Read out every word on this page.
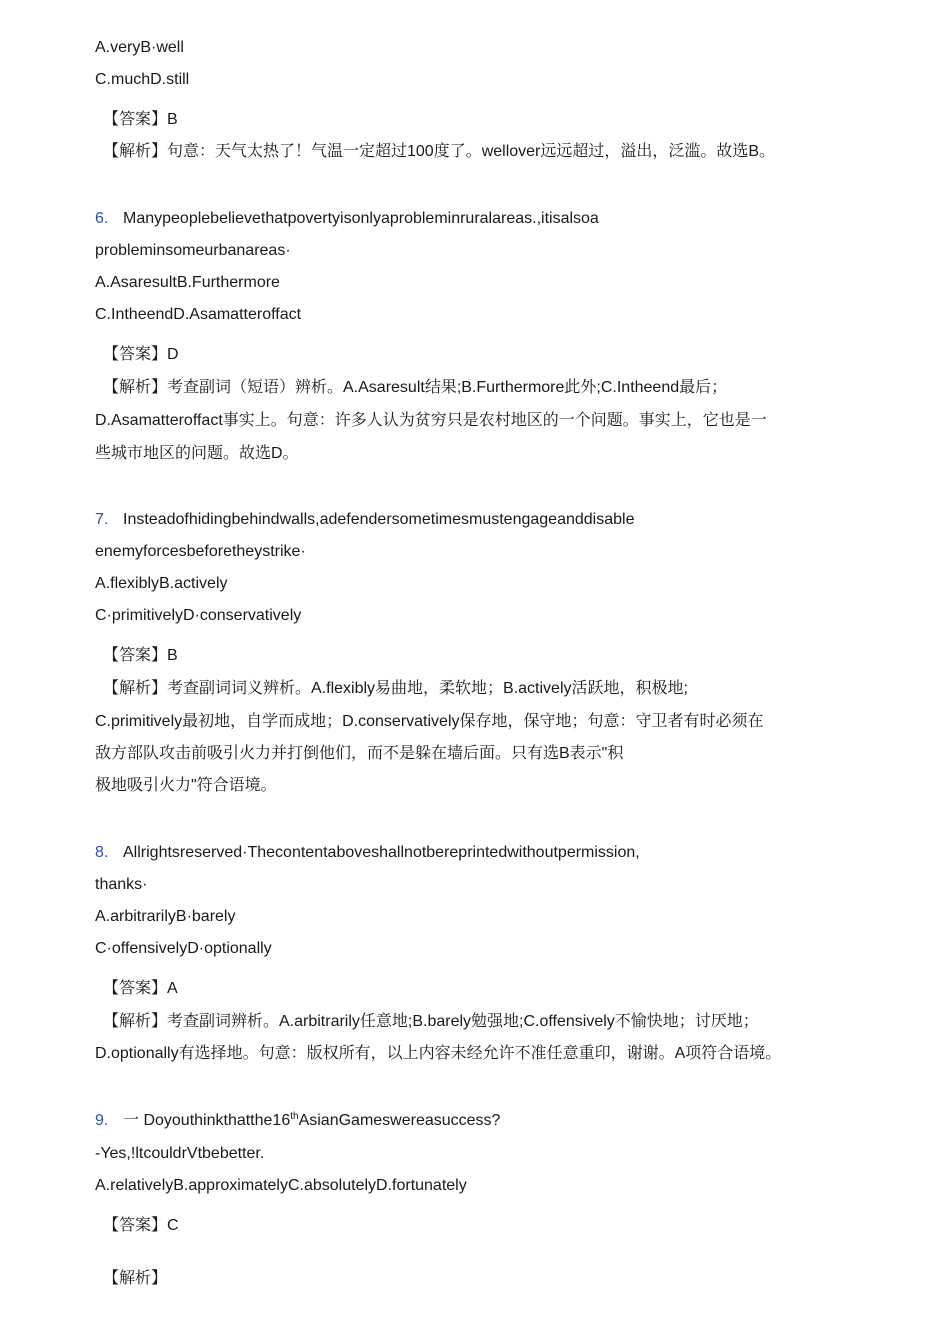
A.veryB·well
C.muchD.still
【答案】B
【解析】句意：天气太热了！气温一定超过100度了。wellover远远超过，溢出，泛滥。故选B。
6. Manypeoplebelievethatpovertyisonlyaprobleminruralareas.,itisalsoa
probleminsomeurbanareas·
A.AsaresultB.Furthermore
C.IntheendD.Asamatteroffact
【答案】D
【解析】考查副词（短语）辨析。A.Asaresult结果;B.Furthermore此外;C.Intheend最后；
D.Asamatteroffact事实上。句意：许多人认为贫穷只是农村地区的一个问题。事实上，它也是一
些城市地区的问题。故选D。
7. Insteadofhidingbehindwalls,adefendersometimesmustengageanddisable
enemyforcesbeforetheystrike·
A.flexiblyB.actively
C·primitivelyD·conservatively
【答案】B
【解析】考查副词词义辨析。A.flexibly易曲地，柔软地；B.actively活跃地，积极地;
C.primitively最初地，自学而成地；D.conservatively保存地，保守地；句意：守卫者有时必须在
敌方部队攻击前吸引火力并打倒他们，而不是躲在墙后面。只有选B表示"积
极地吸引火力"符合语境。
8. Allrightsreserved·Thecontentaboveshallnotbereprintedwithoutpermission,
thanks·
A.arbitrarilyB·barely
C·offensivelyD·optionally
【答案】A
【解析】考查副词辨析。A.arbitrarily任意地;B.barely勉强地;C.offensively不愉快地；讨厌地；
D.optionally有选择地。句意：版权所有，以上内容未经允许不准任意重印，谢谢。A项符合语境。
9. 一 Doyouthinkthatthe16thAsianGameswereasuccess?
-Yes,!ltcouldrVtbebetter.
A.relativelyB.approximatelyC.absolutelyD.fortunately
【答案】C
【解析】
